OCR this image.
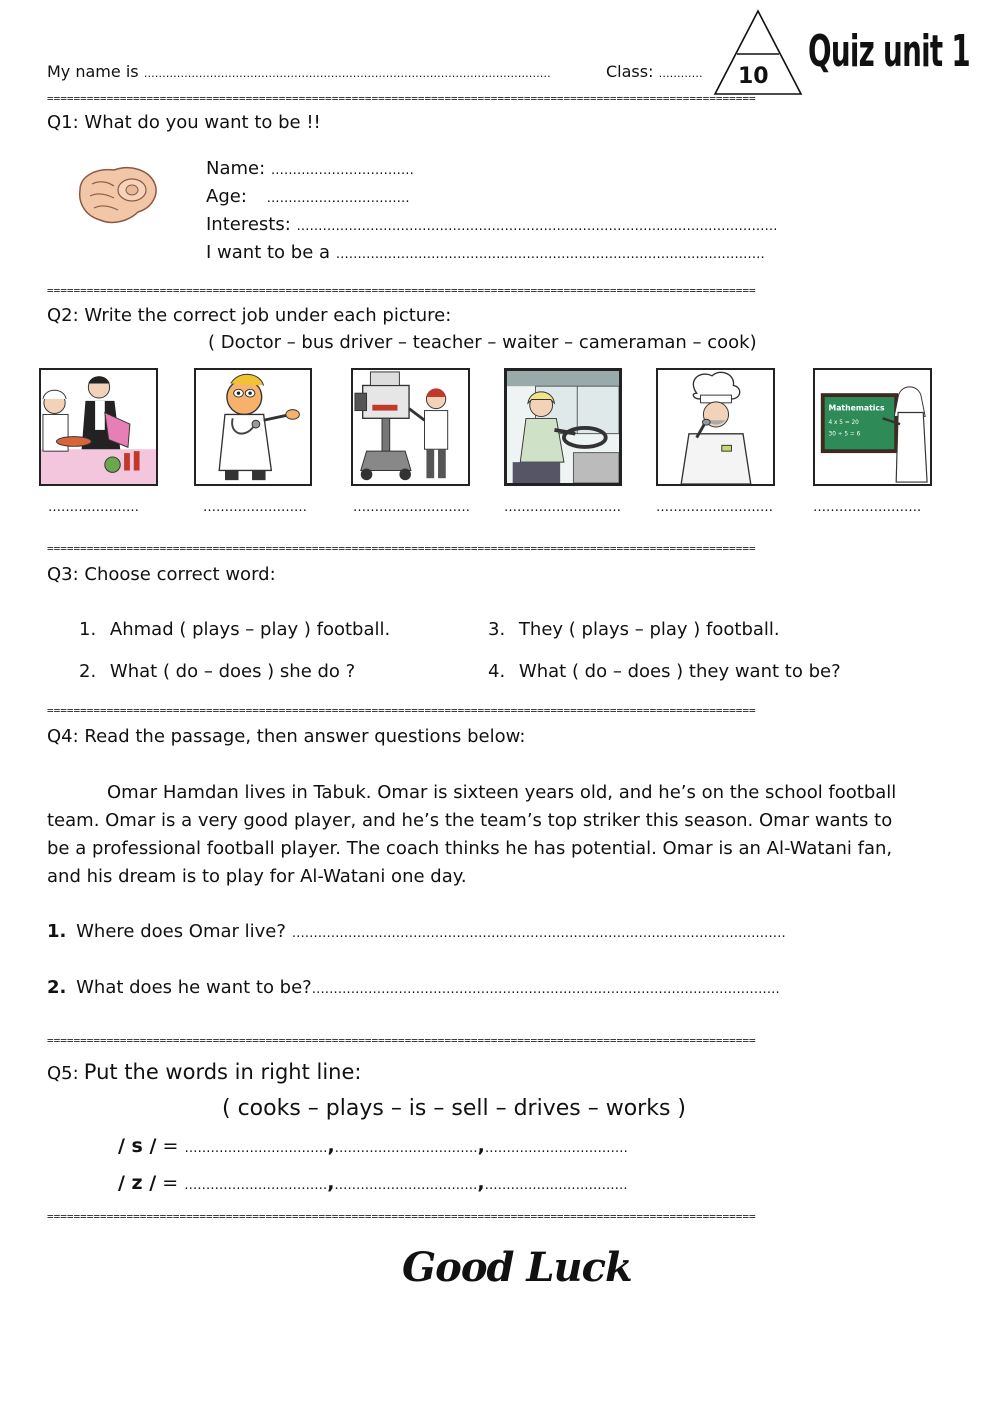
My name is …………………………………………………………………………………………………	Class: ………… 10 Quiz unit 1
===========================================================================================================
Q1: What do you want to be !!
Name: ……………………………
Age: ……………………………
Interests: …………………………………………………………………………………………………
I want to be a ………………………………………………………………………………………
===========================================================================================================
Q2: Write the correct job under each picture:
( Doctor – bus driver – teacher – waiter – cameraman – cook)
Mathematics
4 x 5 = 20
30 ÷ 5 = 6
…………………	……………………	………………………	………………………	………………………	…………………….
===========================================================================================================
Q3: Choose correct word:
1. Ahmad ( plays – play ) football.	3. They ( plays – play ) football.
2. What ( do – does ) she do ?	4. What ( do – does ) they want to be?
===========================================================================================================
Q4: Read the passage, then answer questions below:
Omar Hamdan lives in Tabuk. Omar is sixteen years old, and he’s on the school football
team. Omar is a very good player, and he’s the team’s top striker this season. Omar wants to
be a professional football player. The coach thinks he has potential. Omar is an Al-Watani fan,
and his dream is to play for Al-Watani one day.
1. Where does Omar live? ……………………………………………………………………………………………………
2. What does he want to be?………………………………………………………………………………………………
===========================================================================================================
Q5: Put the words in right line:
( cooks – plays – is – sell – drives – works )
/ s / = ……………………………,……………………………,……………………………
/ z / = ……………………………,……………………………,……………………………
===========================================================================================================
Good Luck
